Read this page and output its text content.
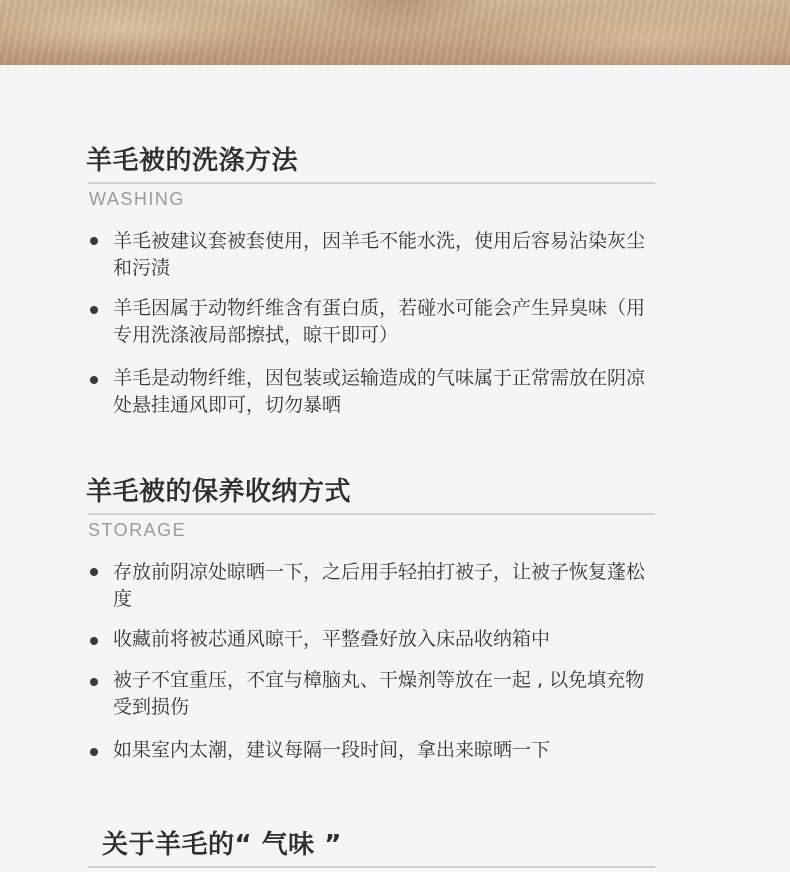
羊毛被的洗涤方法
WASHING
羊毛被建议套被套使用，因羊毛不能水洗，使用后容易沾染灰尘和污渍
羊毛因属于动物纤维含有蛋白质，若碰水可能会产生异臭味（用专用洗涤液局部擦拭，晾干即可）
羊毛是动物纤维，因包装或运输造成的气味属于正常需放在阴凉处悬挂通风即可，切勿暴晒
羊毛被的保养收纳方式
STORAGE
存放前阴凉处晾晒一下，之后用手轻拍打被子，让被子恢复蓬松度
收藏前将被芯通风晾干，平整叠好放入床品收纳箱中
被子不宜重压，不宜与樟脑丸、干燥剂等放在一起 , 以免填充物受到损伤
如果室内太潮，建议每隔一段时间，拿出来晾晒一下
关于羊毛的“ 气味 ”
